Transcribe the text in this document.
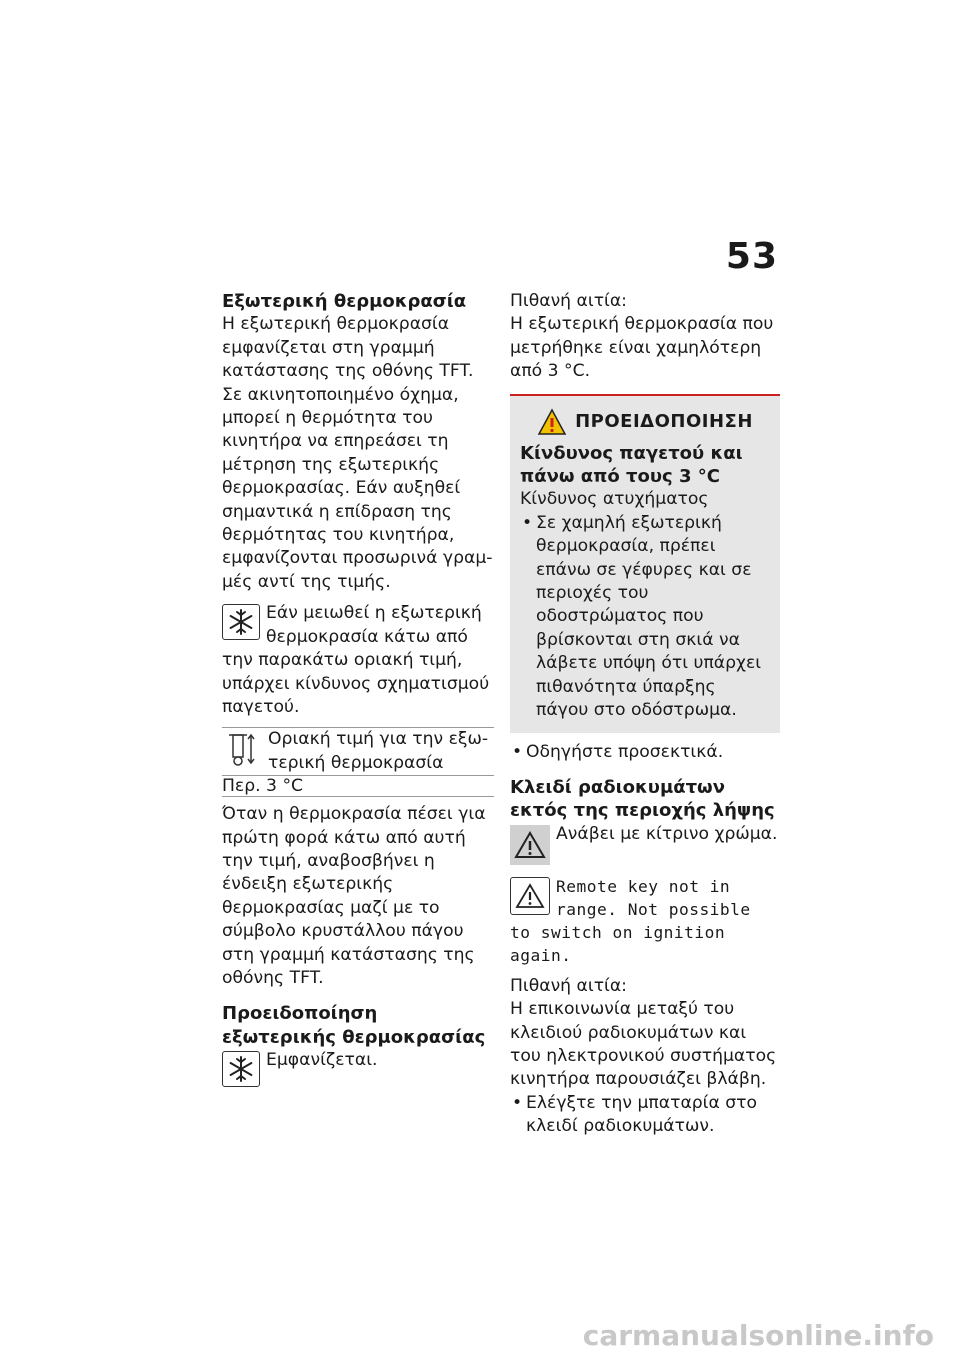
53
Εξωτερική θερμοκρασία

Η εξωτερική θερμοκρασία εμφανίζεται στη γραμμή κατάστασης της οθόνης TFT.

Σε ακινητοποιημένο όχημα, μπορεί η θερμότητα του κινητήρα να επηρεάσει τη μέτρηση της εξωτερικής θερμοκρασίας. Εάν αυξηθεί σημαντικά η επίδραση της θερμότητας του κινητήρα, εμφανίζονται προσωρινά γραμμές αντί της τιμής.

Εάν μειωθεί η εξωτερική θερμοκρασία κάτω από την παρακάτω οριακή τιμή, υπάρχει κίνδυνος σχηματισμού παγετού.

Οριακή τιμή για την εξωτερική θερμοκρασία

Περ. 3 °C

Όταν η θερμοκρασία πέσει για πρώτη φορά κάτω από αυτή την τιμή, αναβοσβήνει η ένδειξη εξωτερικής θερμοκρασίας μαζί με το σύμβολο κρυστάλλου πάγου στη γραμμή κατάστασης της οθόνης TFT.

Προειδοποίηση εξωτερικής θερμοκρασίας

Εμφανίζεται.

Πιθανή αιτία:

Η εξωτερική θερμοκρασία που μετρήθηκε είναι χαμηλότερη από 3 °C.

ΠΡΟΕΙΔΟΠΟΙΗΣΗ
Κίνδυνος παγετού και πάνω από τους 3 °C

Κίνδυνος ατυχήματος

• Σε χαμηλή εξωτερική θερμοκρασία, πρέπει επάνω σε γέφυρες και σε περιοχές του οδοστρώματος που βρίσκονται στη σκιά να λάβετε υπόψη ότι υπάρχει πιθανότητα ύπαρξης πάγου στο οδόστρωμα.
• Οδηγήστε προσεκτικά.
Κλειδί ραδιοκυμάτων εκτός της περιοχής λήψης

Ανάβει με κίτρινο χρώμα.

Remote key not in range. Not possible to switch on ignition again.

Πιθανή αιτία:

Η επικοινωνία μεταξύ του κλειδιού ραδιοκυμάτων και του ηλεκτρονικού συστήματος κινητήρα παρουσιάζει βλάβη.

• Ελέγξτε την μπαταρία στο κλειδί ραδιοκυμάτων.
carmanualsonline.info
